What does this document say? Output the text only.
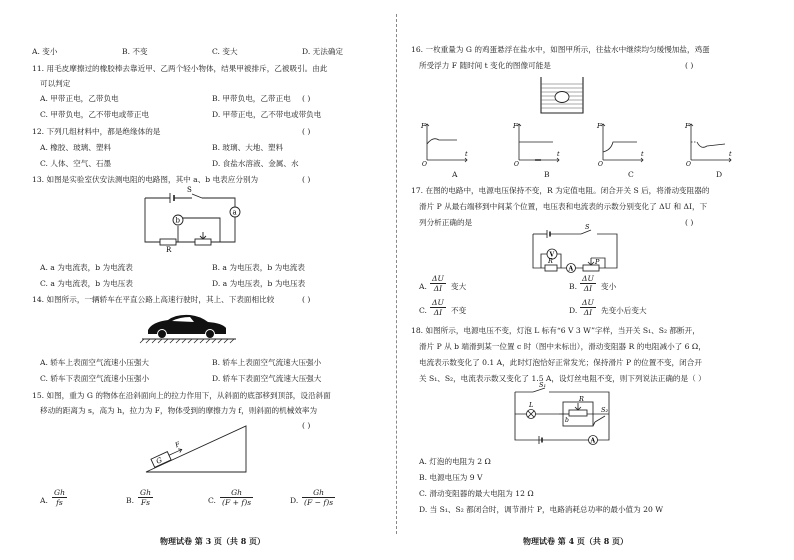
A. 变小	B. 不变	C. 变大	D. 无法确定
11. 用毛皮摩擦过的橡胶棒去靠近甲、乙两个轻小物体，结果甲被排斥，乙被吸引。由此
可以判定
( )
A. 甲带正电，乙带负电	B. 甲带负电，乙带正电
C. 甲带负电，乙不带电或带正电	D. 甲带正电，乙不带电或带负电
12. 下列几组材料中，都是绝缘体的是	( )
A. 橡胶、玻璃、塑料	B. 玻璃、大地、塑料
C. 人体、空气、石墨	D. 食盐水溶液、金属、水
13. 如图是实验室伏安法测电阻的电路图，其中 a、b 电表应分别为	( )
S
b
a
R
A. a 为电流表，b 为电流表	B. a 为电压表，b 为电流表
C. a 为电流表，b 为电压表	D. a 为电压表，b 为电压表
14. 如图所示，一辆轿车在平直公路上高速行驶时，其上、下表面相比较	( )
A. 轿车上表面空气流速小压强大	B. 轿车上表面空气流速大压强小
C. 轿车下表面空气流速小压强小	D. 轿车下表面空气流速大压强大
15. 如图，重为 G 的物体在沿斜面向上的拉力作用下，从斜面的底部移到顶部，设沿斜面
移动的距离为 s，高为 h，拉力为 F，物体受到的摩擦力为 f，则斜面的机械效率为
( )
G
F
A. $\frac{Gh}{fs}$	B. $\frac{Gh}{Fs}$	C. $\frac{Gh}{(F + f)s}$	D. $\frac{Gh}{(F - f)s}$
物理试卷 第 3 页（共 8 页）
16. 一枚重量为 G 的鸡蛋悬浮在盐水中，如图甲所示，往盐水中继续均匀缓慢加盐，鸡蛋
所受浮力 F 随时间 t 变化的图像可能是	( )
F
t
O
F
t
O
F
t
O
F
t
O
A	B	C	D
17. 在图的电路中，电源电压保持不变，R 为定值电阻。闭合开关 S 后，将滑动变阻器的
滑片 P 从最右端移到中间某个位置，电压表和电流表的示数分别变化了 ΔU 和 ΔI，下
列分析正确的是	( )
S
V
A
R	P
A. $\frac{\Delta U}{\Delta I}$ 变大	B. $\frac{\Delta U}{\Delta I}$ 变小
C. $\frac{\Delta U}{\Delta I}$ 不变	D. $\frac{\Delta U}{\Delta I}$ 先变小后变大
18. 如图所示，电源电压不变，灯泡 L 标有“6 V 3 W”字样，当开关 S₁、S₂ 都断开，
滑片 P 从 b 端滑到某一位置 c 时（图中未标出），滑动变阻器 R 的电阻减小了 6 Ω，
电流表示数变化了 0.1 A，此时灯泡恰好正常发光；保持滑片 P 的位置不变，闭合开
关 S₁、S₂，电流表示数又变化了 1.5 A，设灯丝电阻不变，则下列说法正确的是（ ）
S₁
S₂
A
R
L
b
A. 灯泡的电阻为 2 Ω
B. 电源电压为 9 V
C. 滑动变阻器的最大电阻为 12 Ω
D. 当 S₁、S₂ 都闭合时，调节滑片 P，电路消耗总功率的最小值为 20 W
物理试卷 第 4 页（共 8 页）
